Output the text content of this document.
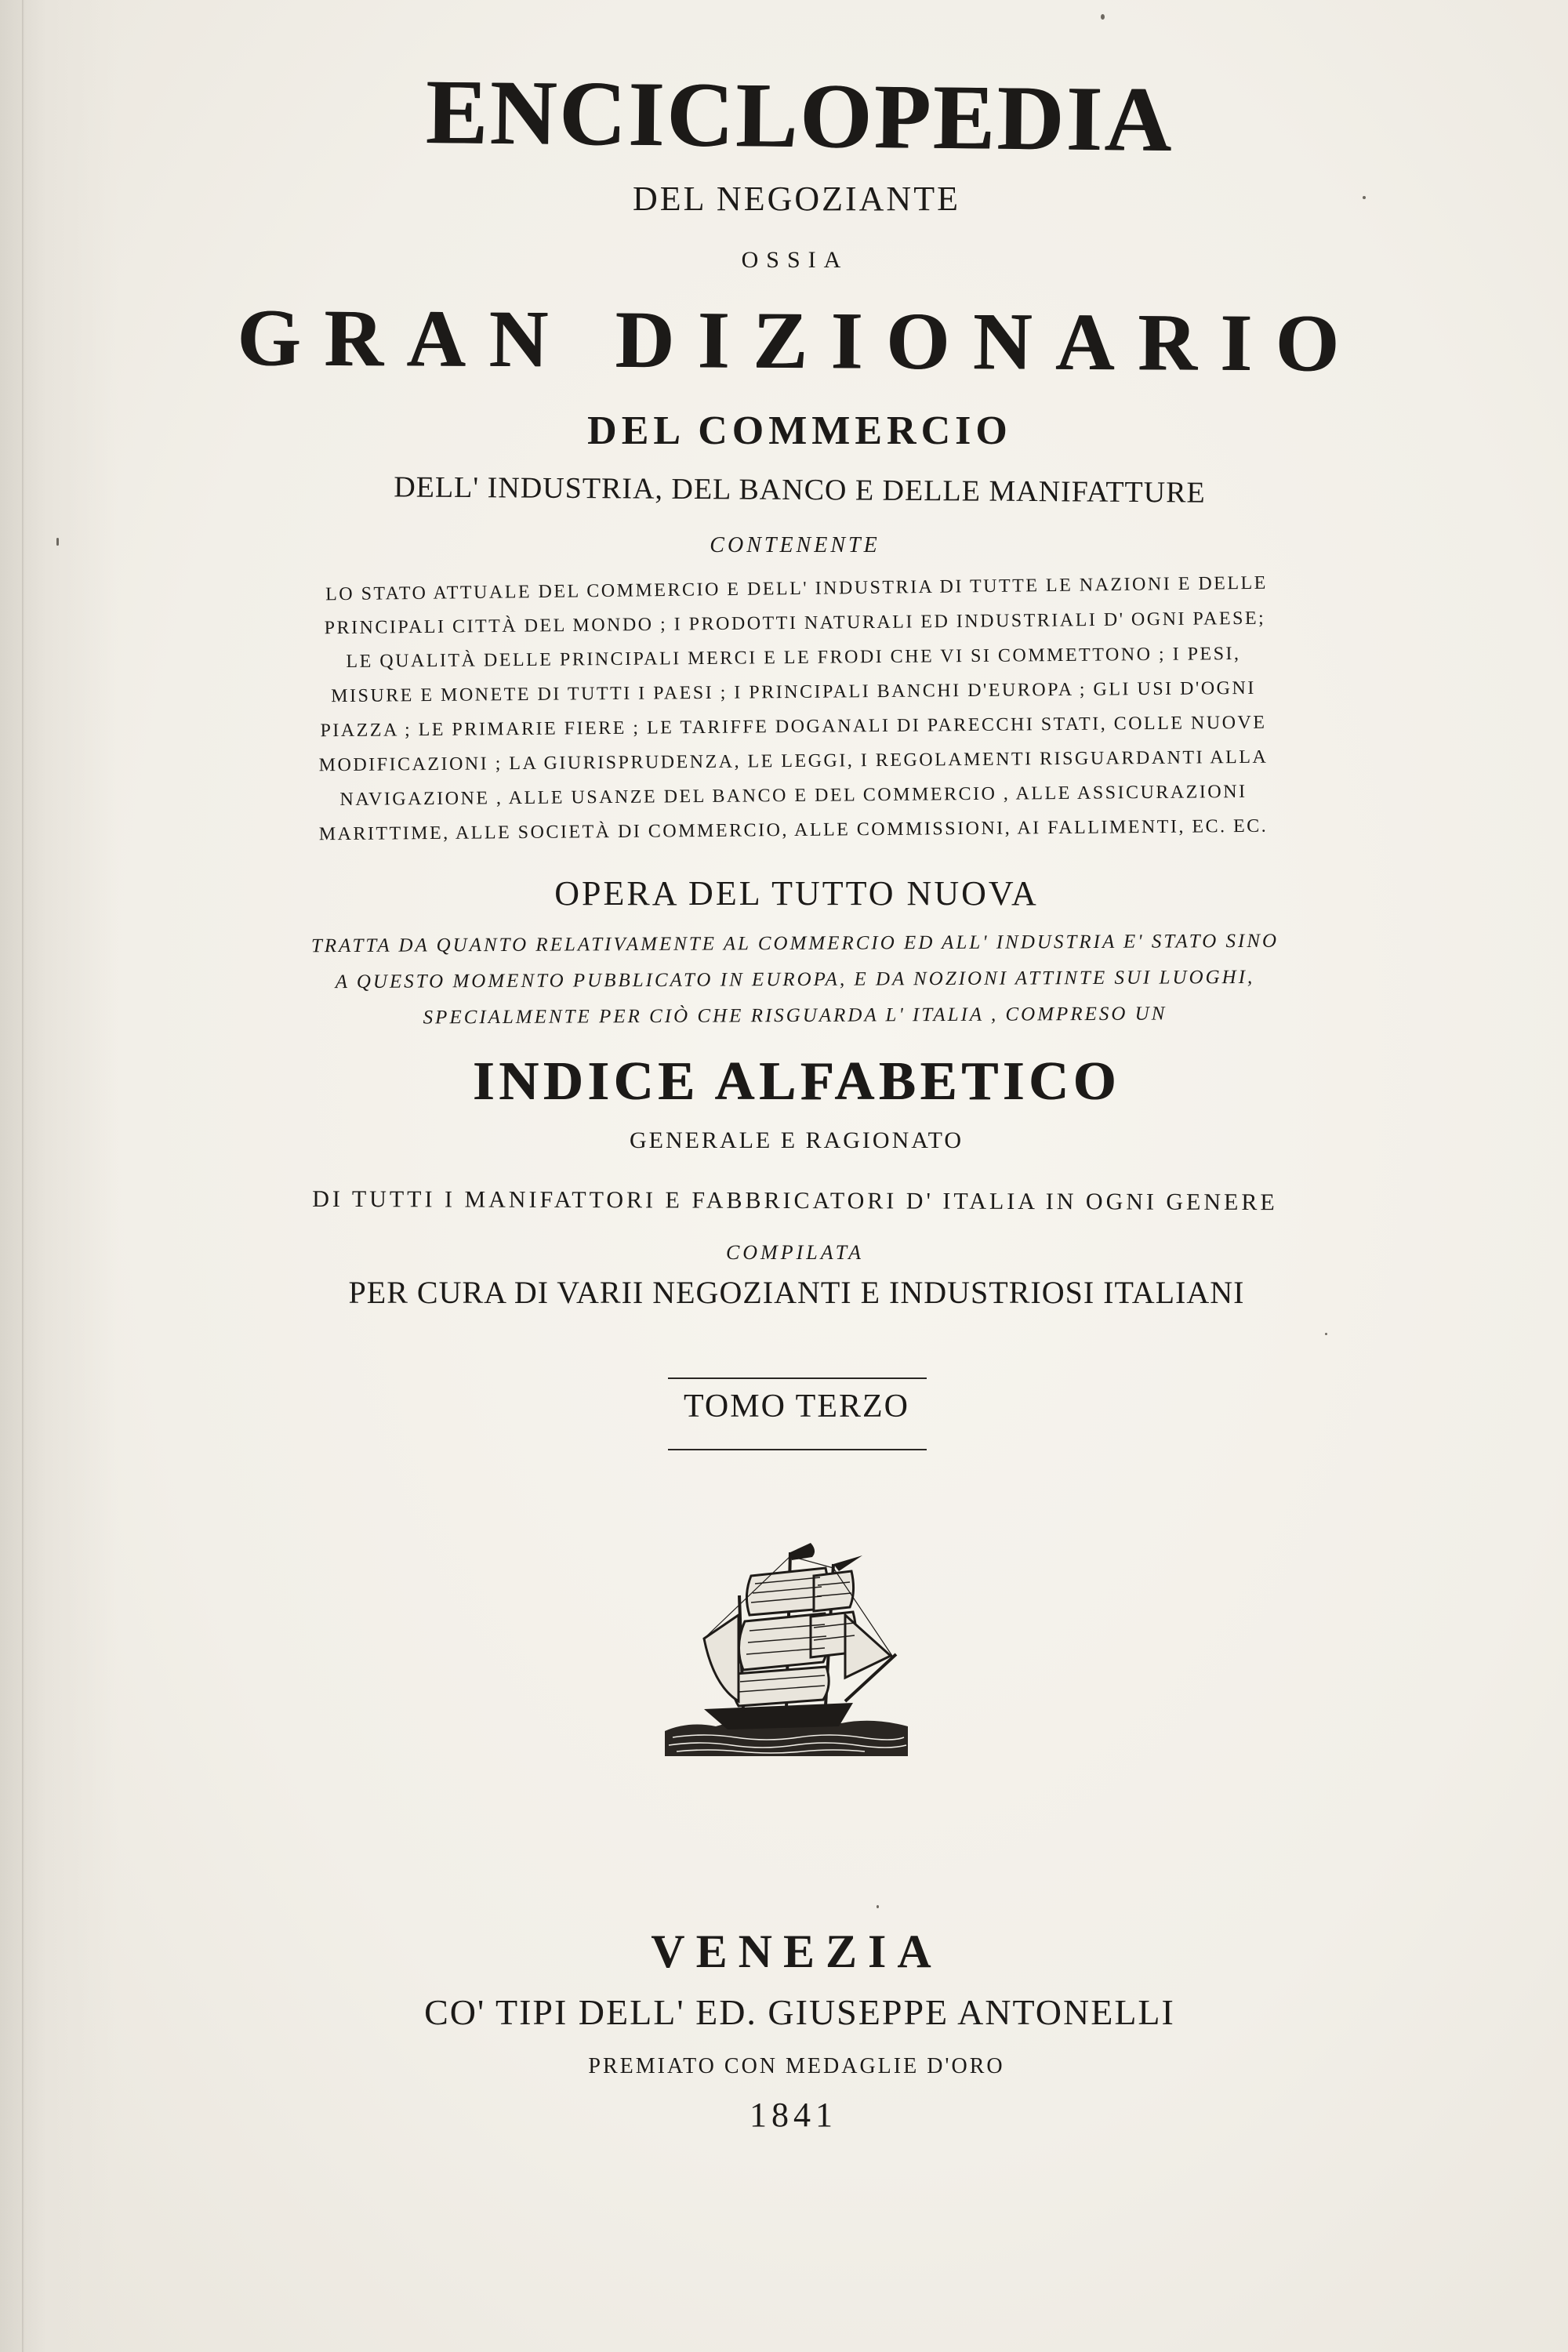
ENCICLOPEDIA
DEL NEGOZIANTE
OSSIA
GRAN DIZIONARIO
DEL COMMERCIO
DELL' INDUSTRIA, DEL BANCO E DELLE MANIFATTURE
CONTENENTE
LO STATO ATTUALE DEL COMMERCIO E DELL' INDUSTRIA DI TUTTE LE NAZIONI E DELLE
PRINCIPALI CITTÀ DEL MONDO ; I PRODOTTI NATURALI ED INDUSTRIALI D' OGNI PAESE;
LE QUALITÀ DELLE PRINCIPALI MERCI E LE FRODI CHE VI SI COMMETTONO ; I PESI,
MISURE E MONETE DI TUTTI I PAESI ; I PRINCIPALI BANCHI D'EUROPA ; GLI USI D'OGNI
PIAZZA ; LE PRIMARIE FIERE ; LE TARIFFE DOGANALI DI PARECCHI STATI, COLLE NUOVE
MODIFICAZIONI ; LA GIURISPRUDENZA, LE LEGGI, I REGOLAMENTI RISGUARDANTI ALLA
NAVIGAZIONE , ALLE USANZE DEL BANCO E DEL COMMERCIO , ALLE ASSICURAZIONI
MARITTIME, ALLE SOCIETÀ DI COMMERCIO, ALLE COMMISSIONI, AI FALLIMENTI, EC. EC.
OPERA DEL TUTTO NUOVA
TRATTA DA QUANTO RELATIVAMENTE AL COMMERCIO ED ALL' INDUSTRIA E' STATO SINO
A QUESTO MOMENTO PUBBLICATO IN EUROPA, E DA NOZIONI ATTINTE SUI LUOGHI,
SPECIALMENTE PER CIÒ CHE RISGUARDA L' ITALIA , COMPRESO UN
INDICE ALFABETICO
GENERALE E RAGIONATO
DI TUTTI I MANIFATTORI E FABBRICATORI D' ITALIA IN OGNI GENERE
COMPILATA
PER CURA DI VARII NEGOZIANTI E INDUSTRIOSI ITALIANI
TOMO TERZO
VENEZIA
CO' TIPI DELL' ED. GIUSEPPE ANTONELLI
PREMIATO CON MEDAGLIE D'ORO
1841
